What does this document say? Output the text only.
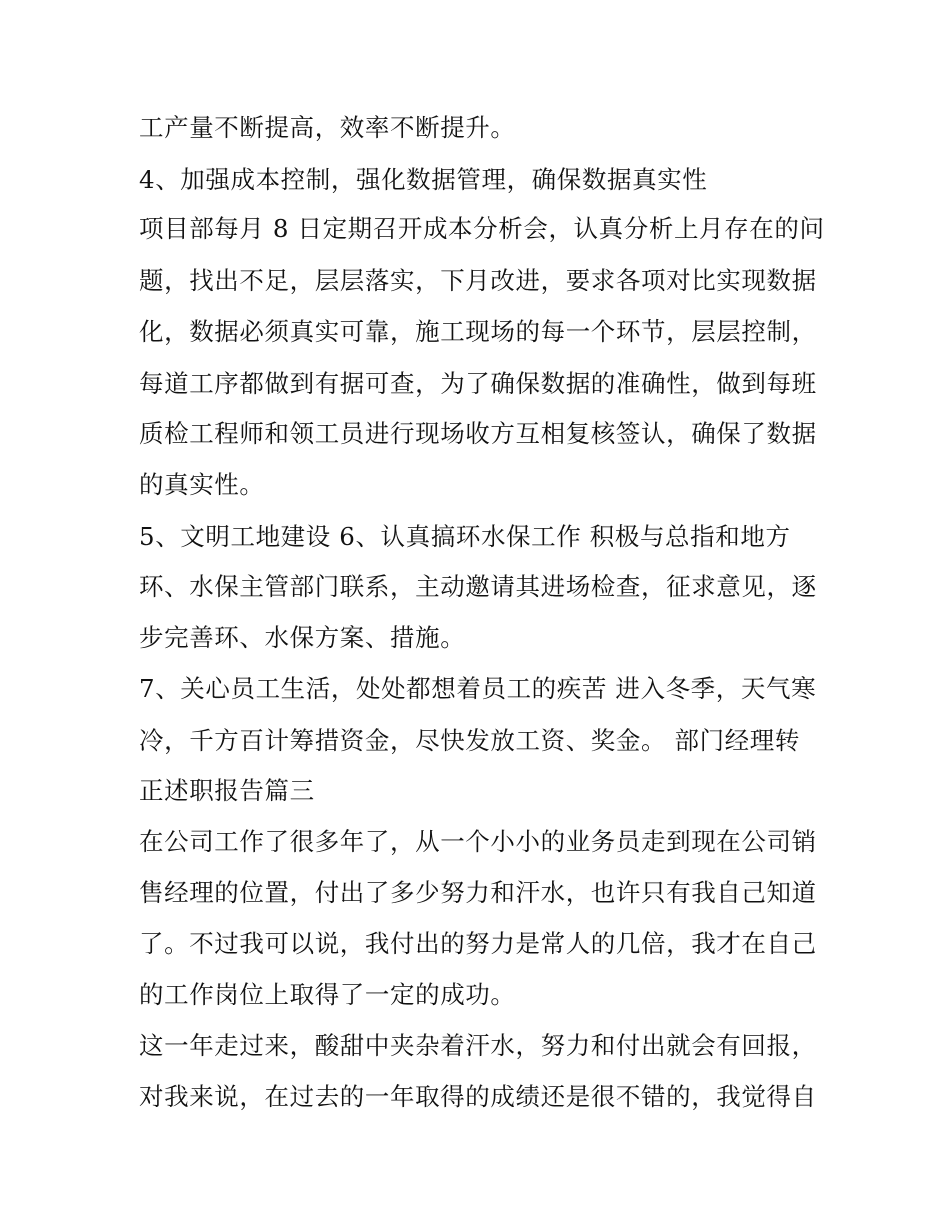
工产量不断提高，效率不断提升。
4、加强成本控制，强化数据管理，确保数据真实性
项目部每月 8 日定期召开成本分析会，认真分析上月存在的问
题，找出不足，层层落实，下月改进，要求各项对比实现数据
化，数据必须真实可靠，施工现场的每一个环节，层层控制，
每道工序都做到有据可查，为了确保数据的准确性，做到每班
质检工程师和领工员进行现场收方互相复核签认，确保了数据
的真实性。
5、文明工地建设 6、认真搞环水保工作 积极与总指和地方
环、水保主管部门联系，主动邀请其进场检查，征求意见，逐
步完善环、水保方案、措施。
7、关心员工生活，处处都想着员工的疾苦 进入冬季，天气寒
冷，千方百计筹措资金，尽快发放工资、奖金。 部门经理转
正述职报告篇三
在公司工作了很多年了，从一个小小的业务员走到现在公司销
售经理的位置，付出了多少努力和汗水，也许只有我自己知道
了。不过我可以说，我付出的努力是常人的几倍，我才在自己
的工作岗位上取得了一定的成功。
这一年走过来，酸甜中夹杂着汗水，努力和付出就会有回报，
对我来说，在过去的一年取得的成绩还是很不错的，我觉得自
